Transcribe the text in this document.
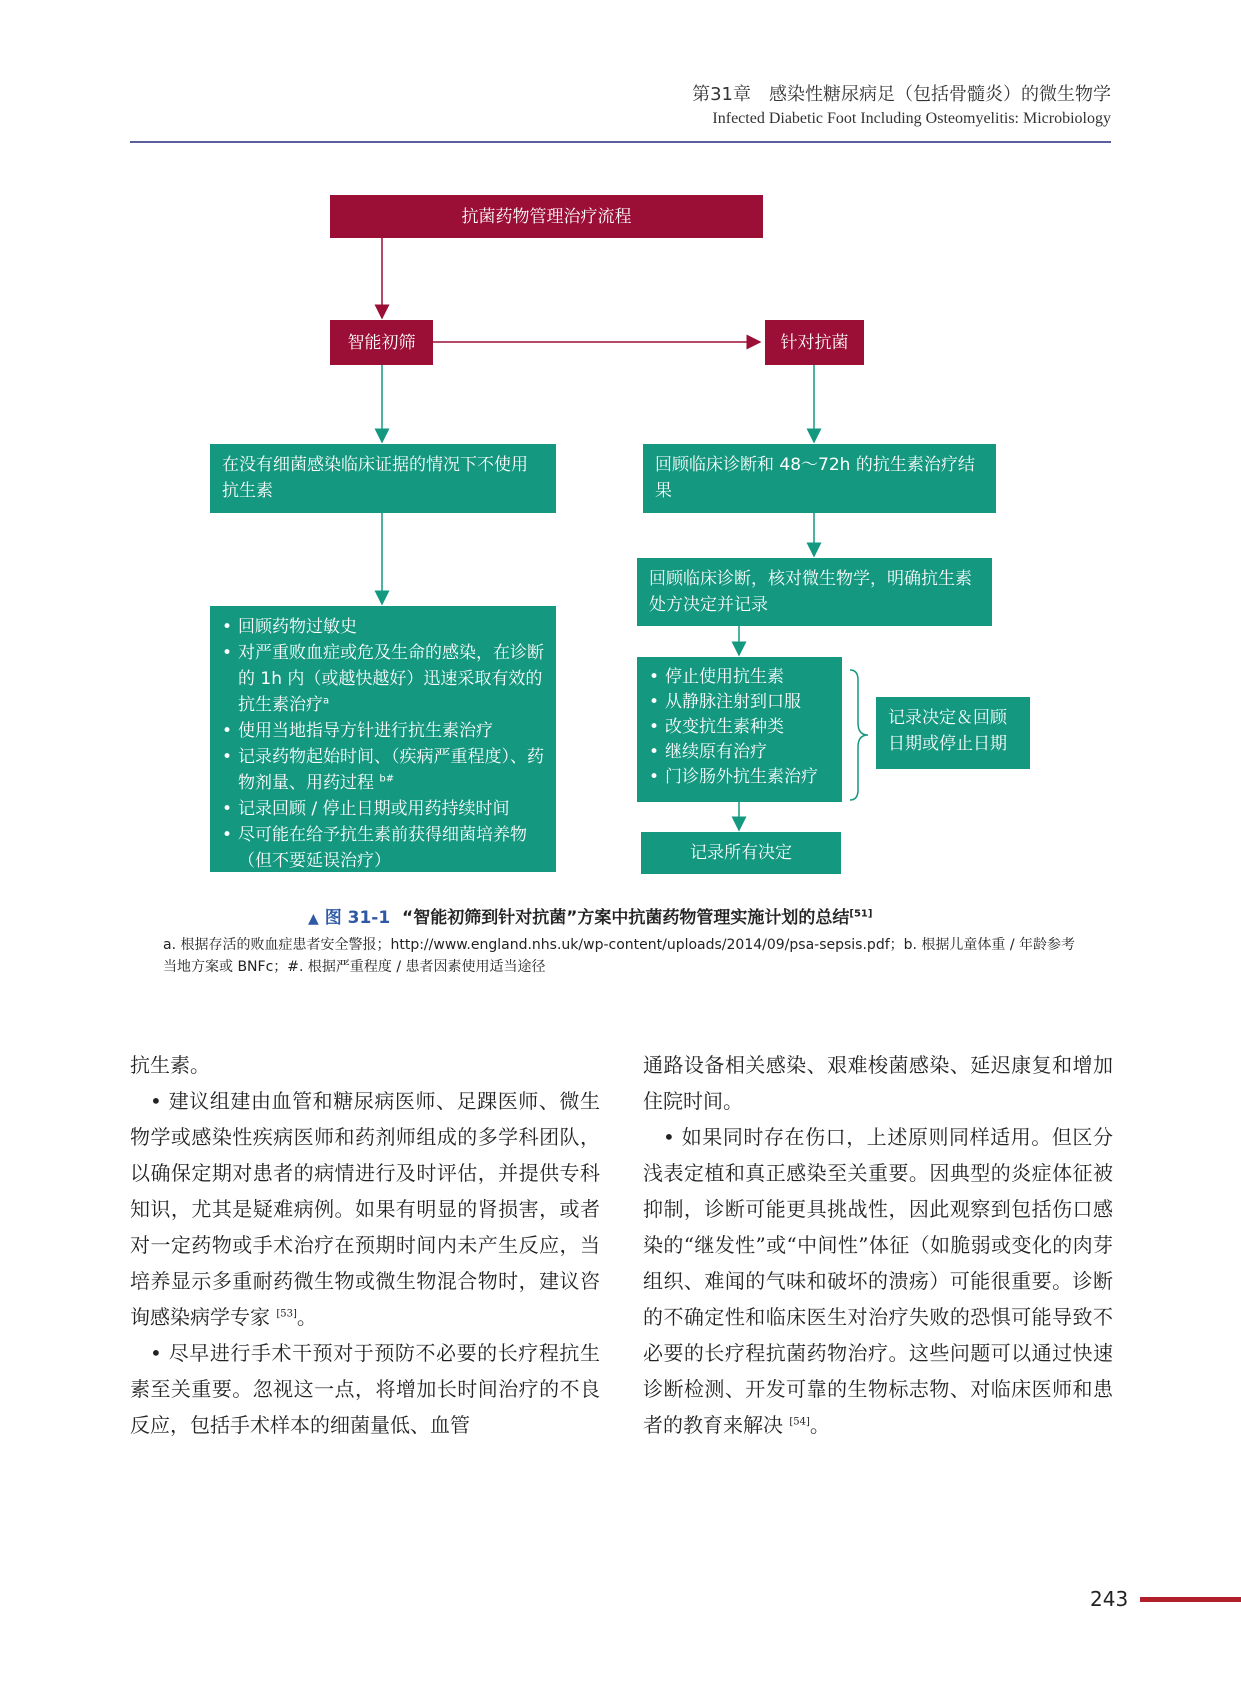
第31章　感染性糖尿病足（包括骨髓炎）的微生物学
Infected Diabetic Foot Including Osteomyelitis: Microbiology
抗菌药物管理治疗流程
智能初筛	针对抗菌
在没有细菌感染临床证据的情况下不使用抗生素
• 回顾药物过敏史
• 对严重败血症或危及生命的感染，在诊断的 1h 内（或越快越好）迅速采取有效的抗生素治疗$^a$
• 使用当地指导方针进行抗生素治疗
• 记录药物起始时间、（疾病严重程度）、药物剂量、用药过程 $^{b\#}$
• 记录回顾 / 停止日期或用药持续时间
• 尽可能在给予抗生素前获得细菌培养物（但不要延误治疗）
回顾临床诊断和 48～72h 的抗生素治疗结果
回顾临床诊断，核对微生物学，明确抗生素处方决定并记录
• 停止使用抗生素
• 从静脉注射到口服
• 改变抗生素种类
• 继续原有治疗
• 门诊肠外抗生素治疗
记录决定＆回顾日期或停止日期
记录所有决定
▲ 图 31-1 “智能初筛到针对抗菌”方案中抗菌药物管理实施计划的总结[51]
a. 根据存活的败血症患者安全警报；http://www.england.nhs.uk/wp-content/uploads/2014/09/psa-sepsis.pdf；b. 根据儿童体重 / 年龄参考当地方案或 BNFc；#. 根据严重程度 / 患者因素使用适当途径

抗生素。

• 建议组建由血管和糖尿病医师、足踝医师、微生物学或感染性疾病医师和药剂师组成的多学科团队，以确保定期对患者的病情进行及时评估，并提供专科知识，尤其是疑难病例。如果有明显的肾损害，或者对一定药物或手术治疗在预期时间内未产生反应，当培养显示多重耐药微生物或微生物混合物时，建议咨询感染病学专家 [53]。

• 尽早进行手术干预对于预防不必要的长疗程抗生素至关重要。忽视这一点，将增加长时间治疗的不良反应，包括手术样本的细菌量低、血管

通路设备相关感染、艰难梭菌感染、延迟康复和增加住院时间。

• 如果同时存在伤口，上述原则同样适用。但区分浅表定植和真正感染至关重要。因典型的炎症体征被抑制，诊断可能更具挑战性，因此观察到包括伤口感染的“继发性”或“中间性”体征（如脆弱或变化的肉芽组织、难闻的气味和破坏的溃疡）可能很重要。诊断的不确定性和临床医生对治疗失败的恐惧可能导致不必要的长疗程抗菌药物治疗。这些问题可以通过快速诊断检测、开发可靠的生物标志物、对临床医师和患者的教育来解决 [54]。

243
